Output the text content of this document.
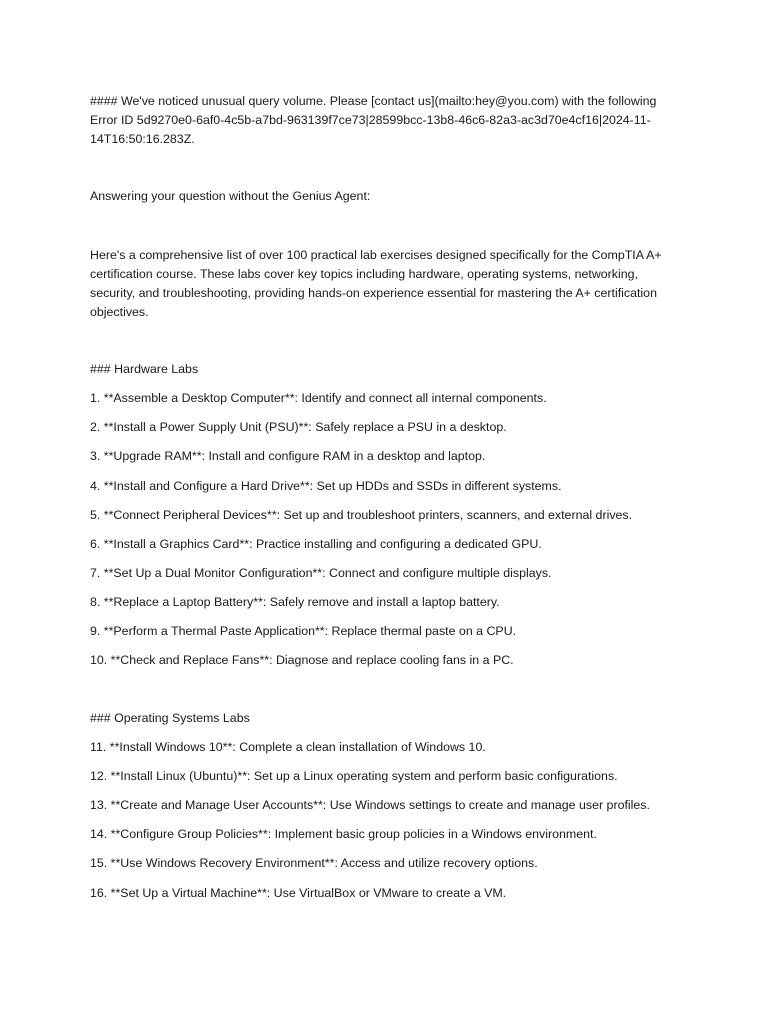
#### We've noticed unusual query volume. Please [contact us](mailto:hey@you.com) with the following Error ID 5d9270e0-6af0-4c5b-a7bd-963139f7ce73|28599bcc-13b8-46c6-82a3-ac3d70e4cf16|2024-11-14T16:50:16.283Z.
Answering your question without the Genius Agent:
Here's a comprehensive list of over 100 practical lab exercises designed specifically for the CompTIA A+ certification course. These labs cover key topics including hardware, operating systems, networking, security, and troubleshooting, providing hands-on experience essential for mastering the A+ certification objectives.
### Hardware Labs
1. **Assemble a Desktop Computer**: Identify and connect all internal components.
2. **Install a Power Supply Unit (PSU)**: Safely replace a PSU in a desktop.
3. **Upgrade RAM**: Install and configure RAM in a desktop and laptop.
4. **Install and Configure a Hard Drive**: Set up HDDs and SSDs in different systems.
5. **Connect Peripheral Devices**: Set up and troubleshoot printers, scanners, and external drives.
6. **Install a Graphics Card**: Practice installing and configuring a dedicated GPU.
7. **Set Up a Dual Monitor Configuration**: Connect and configure multiple displays.
8. **Replace a Laptop Battery**: Safely remove and install a laptop battery.
9. **Perform a Thermal Paste Application**: Replace thermal paste on a CPU.
10. **Check and Replace Fans**: Diagnose and replace cooling fans in a PC.
### Operating Systems Labs
11. **Install Windows 10**: Complete a clean installation of Windows 10.
12. **Install Linux (Ubuntu)**: Set up a Linux operating system and perform basic configurations.
13. **Create and Manage User Accounts**: Use Windows settings to create and manage user profiles.
14. **Configure Group Policies**: Implement basic group policies in a Windows environment.
15. **Use Windows Recovery Environment**: Access and utilize recovery options.
16. **Set Up a Virtual Machine**: Use VirtualBox or VMware to create a VM.
